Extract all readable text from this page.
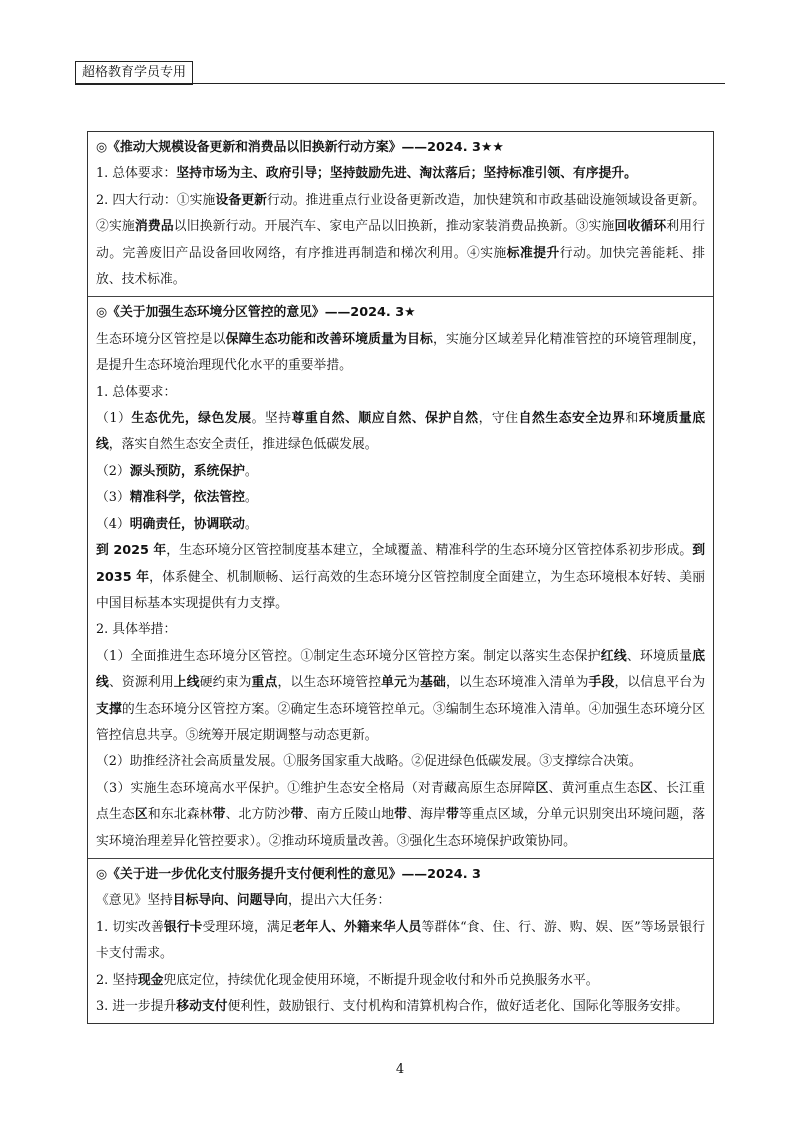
超格教育学员专用

◎《推动大规模设备更新和消费品以旧换新行动方案》——2024. 3★★

1. 总体要求：坚持市场为主、政府引导；坚持鼓励先进、淘汰落后；坚持标准引领、有序提升。

2. 四大行动：①实施设备更新行动。推进重点行业设备更新改造，加快建筑和市政基础设施领域设备更新。②实施消费品以旧换新行动。开展汽车、家电产品以旧换新，推动家装消费品换新。③实施回收循环利用行动。完善废旧产品设备回收网络，有序推进再制造和梯次利用。④实施标准提升行动。加快完善能耗、排放、技术标准。

◎《关于加强生态环境分区管控的意见》——2024. 3★

生态环境分区管控是以保障生态功能和改善环境质量为目标，实施分区域差异化精准管控的环境管理制度，是提升生态环境治理现代化水平的重要举措。

1. 总体要求：

（1）生态优先，绿色发展。坚持尊重自然、顺应自然、保护自然，守住自然生态安全边界和环境质量底线，落实自然生态安全责任，推进绿色低碳发展。

（2）源头预防，系统保护。

（3）精准科学，依法管控。

（4）明确责任，协调联动。

到 2025 年，生态环境分区管控制度基本建立，全域覆盖、精准科学的生态环境分区管控体系初步形成。到 2035 年，体系健全、机制顺畅、运行高效的生态环境分区管控制度全面建立，为生态环境根本好转、美丽中国目标基本实现提供有力支撑。

2. 具体举措：

（1）全面推进生态环境分区管控。①制定生态环境分区管控方案。制定以落实生态保护红线、环境质量底线、资源利用上线硬约束为重点，以生态环境管控单元为基础，以生态环境准入清单为手段，以信息平台为支撑的生态环境分区管控方案。②确定生态环境管控单元。③编制生态环境准入清单。④加强生态环境分区管控信息共享。⑤统筹开展定期调整与动态更新。

（2）助推经济社会高质量发展。①服务国家重大战略。②促进绿色低碳发展。③支撑综合决策。

（3）实施生态环境高水平保护。①维护生态安全格局（对青藏高原生态屏障区、黄河重点生态区、长江重点生态区和东北森林带、北方防沙带、南方丘陵山地带、海岸带等重点区域，分单元识别突出环境问题，落实环境治理差异化管控要求）。②推动环境质量改善。③强化生态环境保护政策协同。

◎《关于进一步优化支付服务提升支付便利性的意见》——2024. 3

《意见》坚持目标导向、问题导向，提出六大任务：

1. 切实改善银行卡受理环境，满足老年人、外籍来华人员等群体“食、住、行、游、购、娱、医”等场景银行卡支付需求。

2. 坚持现金兜底定位，持续优化现金使用环境，不断提升现金收付和外币兑换服务水平。

3. 进一步提升移动支付便利性，鼓励银行、支付机构和清算机构合作，做好适老化、国际化等服务安排。

4
